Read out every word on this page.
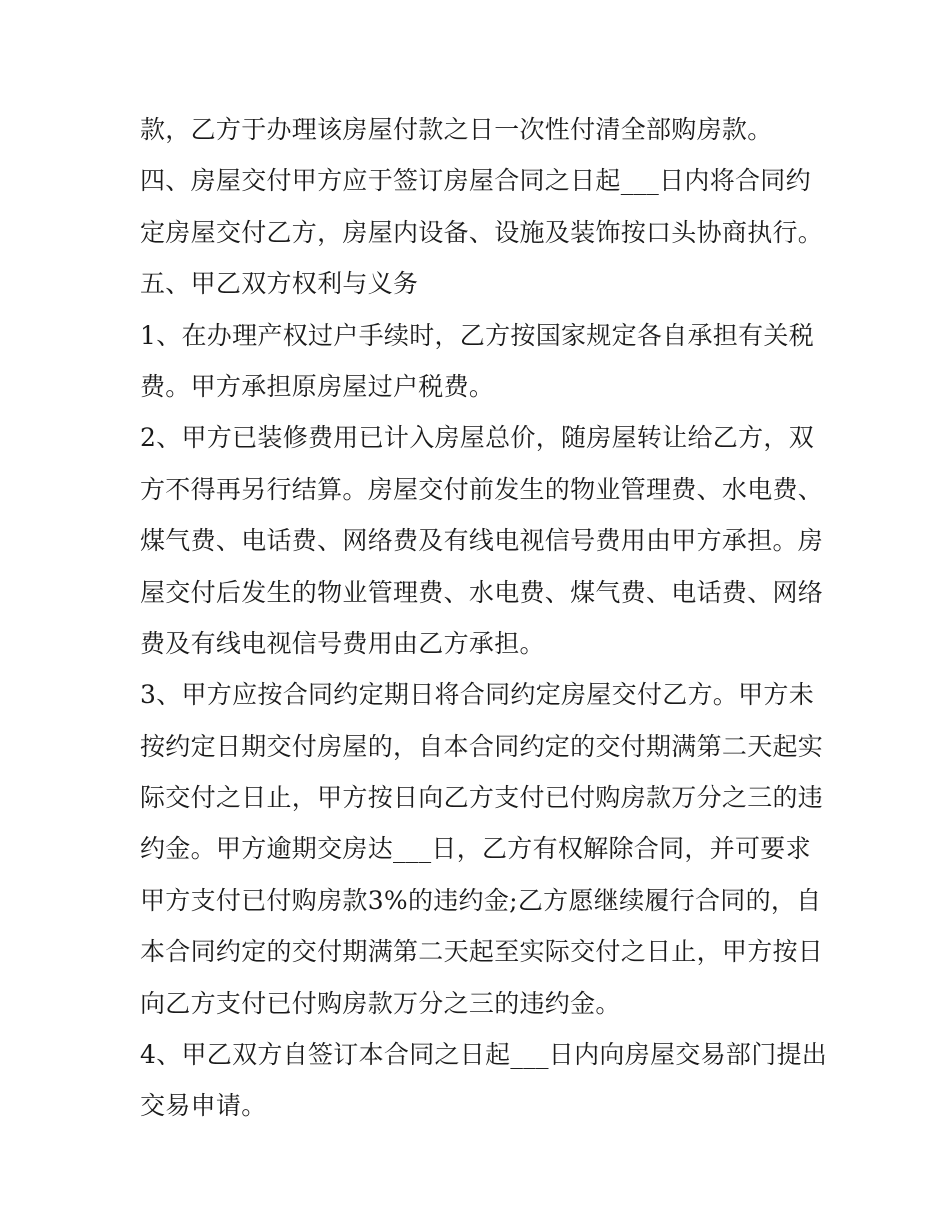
款，乙方于办理该房屋付款之日一次性付清全部购房款。
四、房屋交付甲方应于签订房屋合同之日起___日内将合同约
定房屋交付乙方，房屋内设备、设施及装饰按口头协商执行。
五、甲乙双方权利与义务
1、在办理产权过户手续时，乙方按国家规定各自承担有关税
费。甲方承担原房屋过户税费。
2、甲方已装修费用已计入房屋总价，随房屋转让给乙方，双
方不得再另行结算。房屋交付前发生的物业管理费、水电费、
煤气费、电话费、网络费及有线电视信号费用由甲方承担。房
屋交付后发生的物业管理费、水电费、煤气费、电话费、网络
费及有线电视信号费用由乙方承担。
3、甲方应按合同约定期日将合同约定房屋交付乙方。甲方未
按约定日期交付房屋的，自本合同约定的交付期满第二天起实
际交付之日止，甲方按日向乙方支付已付购房款万分之三的违
约金。甲方逾期交房达___日，乙方有权解除合同，并可要求
甲方支付已付购房款3%的违约金;乙方愿继续履行合同的，自
本合同约定的交付期满第二天起至实际交付之日止，甲方按日
向乙方支付已付购房款万分之三的违约金。
4、甲乙双方自签订本合同之日起___日内向房屋交易部门提出
交易申请。
